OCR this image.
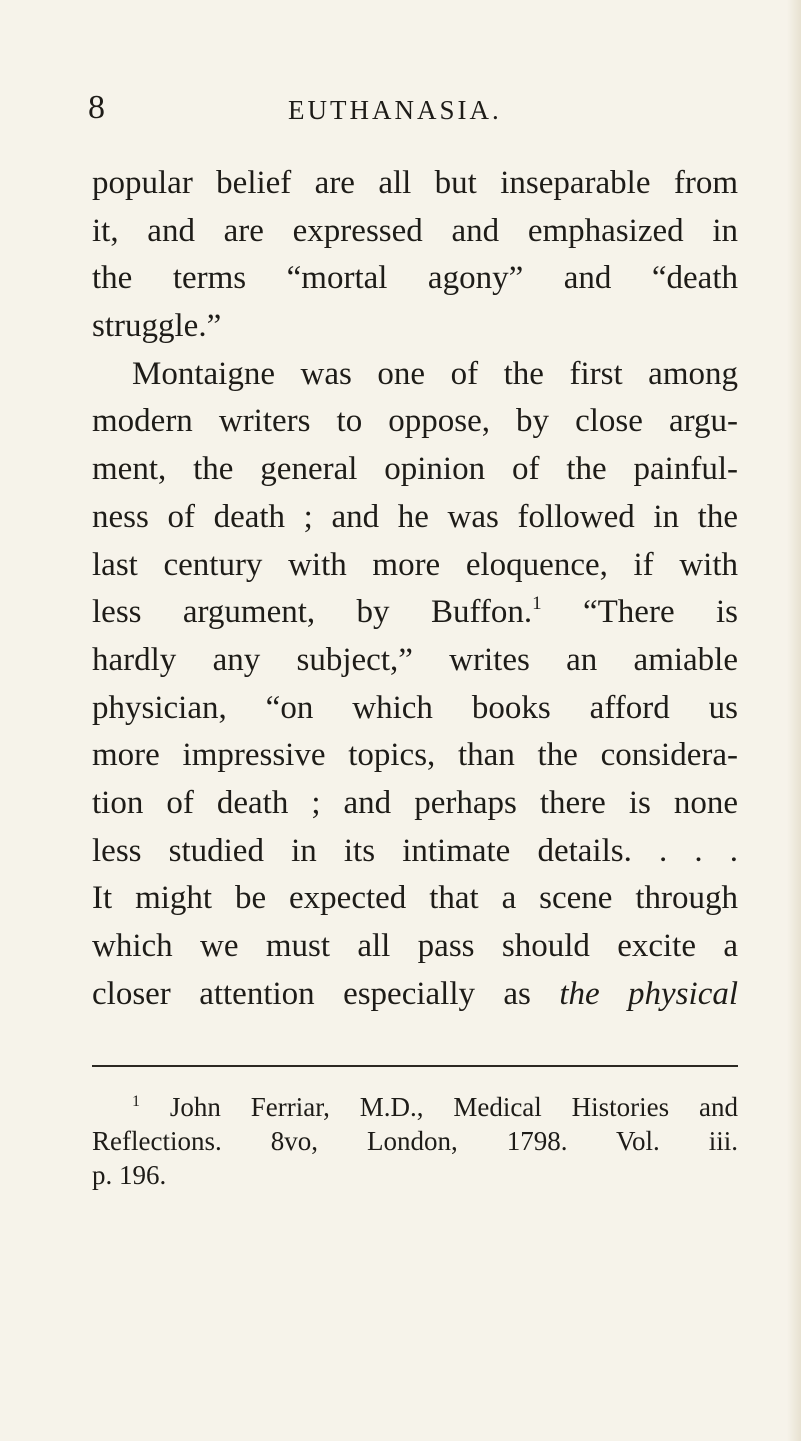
8	EUTHANASIA.
popular belief are all but inseparable from
it, and are expressed and emphasized in
the terms “mortal agony” and “death
struggle.”
Montaigne was one of the first among
modern writers to oppose, by close argu-
ment, the general opinion of the painful-
ness of death ; and he was followed in the
last century with more eloquence, if with
less argument, by Buffon.$^1$ “There is
hardly any subject,” writes an amiable
physician, “on which books afford us
more impressive topics, than the considera-
tion of death ; and perhaps there is none
less studied in its intimate details. . . .
It might be expected that a scene through
which we must all pass should excite a
closer attention especially as the physical
$^1$ John Ferriar, M.D., Medical Histories and
Reflections. 8vo, London, 1798. Vol. iii.
p. 196.
